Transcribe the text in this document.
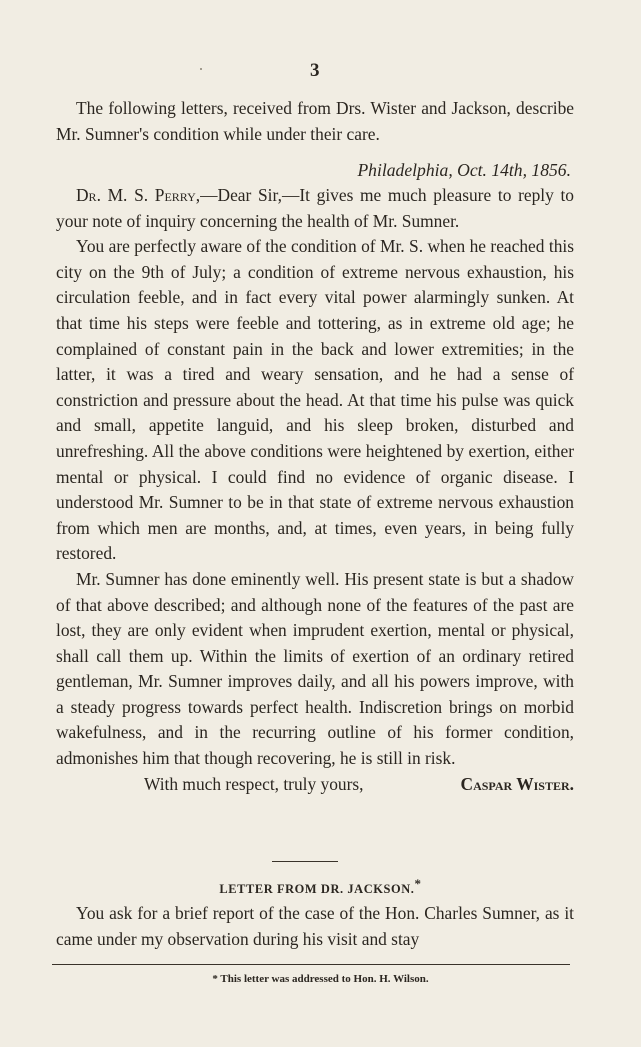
3

The following letters, received from Drs. Wister and Jackson, describe Mr. Sumner's condition while under their care.

Philadelphia, Oct. 14th, 1856.

Dr. M. S. Perry,—Dear Sir,—It gives me much pleasure to reply to your note of inquiry concerning the health of Mr. Sumner.

You are perfectly aware of the condition of Mr. S. when he reached this city on the 9th of July; a condition of extreme nervous exhaustion, his circulation feeble, and in fact every vital power alarmingly sunken. At that time his steps were feeble and tottering, as in extreme old age; he complained of constant pain in the back and lower extremities; in the latter, it was a tired and weary sensation, and he had a sense of constriction and pressure about the head. At that time his pulse was quick and small, appetite languid, and his sleep broken, disturbed and unrefreshing. All the above conditions were heightened by exertion, either mental or physical. I could find no evidence of organic disease. I understood Mr. Sumner to be in that state of extreme nervous exhaustion from which men are months, and, at times, even years, in being fully restored.

Mr. Sumner has done eminently well. His present state is but a shadow of that above described; and although none of the features of the past are lost, they are only evident when imprudent exertion, mental or physical, shall call them up. Within the limits of exertion of an ordinary retired gentleman, Mr. Sumner improves daily, and all his powers improve, with a steady progress towards perfect health. Indiscretion brings on morbid wakefulness, and in the recurring outline of his former condition, admonishes him that though recovering, he is still in risk.

With much respect, truly yours,	Caspar Wister.
LETTER FROM DR. JACKSON.*

You ask for a brief report of the case of the Hon. Charles Sumner, as it came under my observation during his visit and stay

* This letter was addressed to Hon. H. Wilson.
